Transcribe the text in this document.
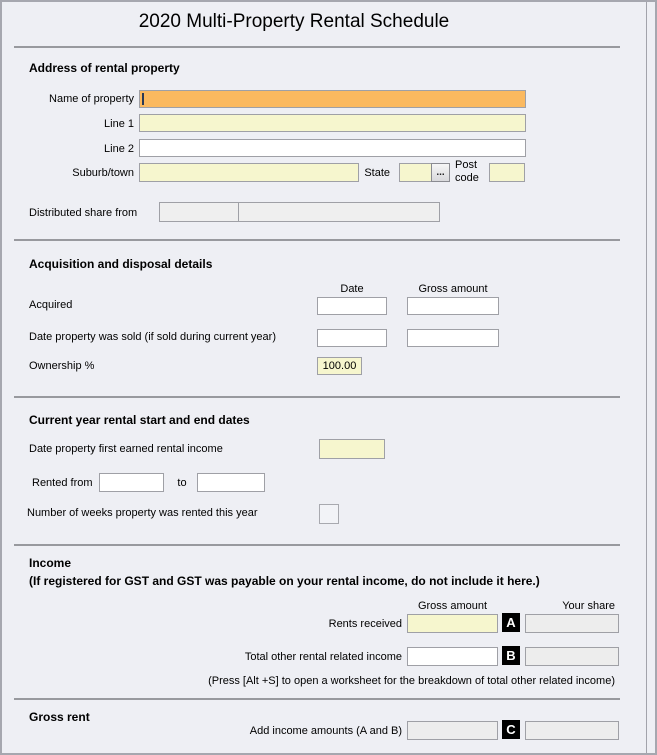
2020 Multi-Property Rental Schedule
Address of rental property
Name of property
Line 1
Line 2
Suburb/town	State	...
Post code
Distributed share from
Acquisition and disposal details
Date	Gross amount
Acquired
Date property was sold (if sold during current year)
Ownership %
100.00
Current year rental start and end dates
Date property first earned rental income
Rented from	to
Number of weeks property was rented this year
Income
(If registered for GST and GST was payable on your rental income, do not include it here.)
Gross amount	Your share
Rents received	A
Total other rental related income	B
(Press [Alt +S] to open a worksheet for the breakdown of total other related income)
Gross rent
Add income amounts (A and B)	C
